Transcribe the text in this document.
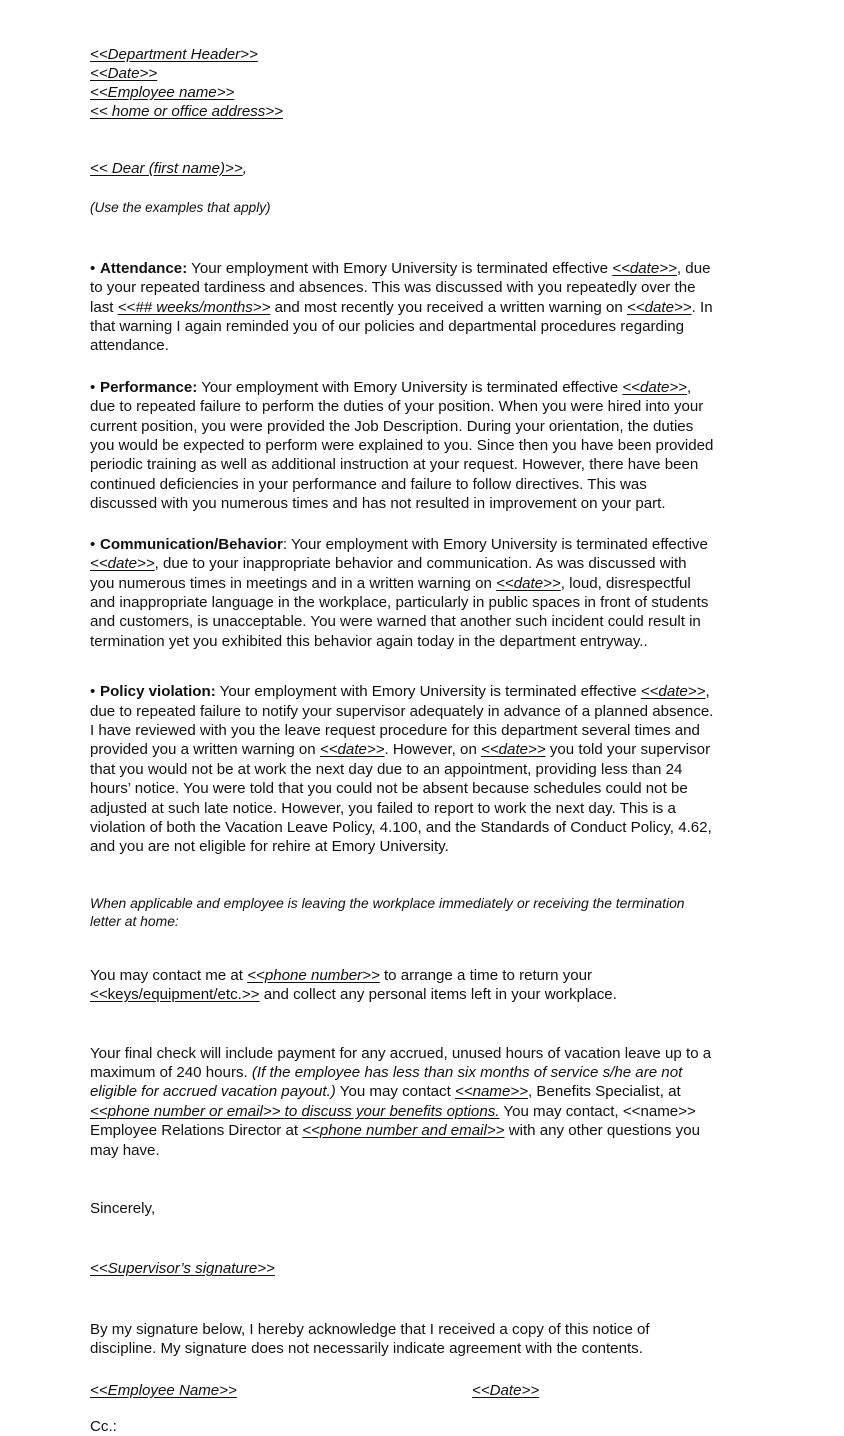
<<Department Header>>
<<Date>>
<<Employee name>>
<< home or office address>>

<< Dear (first name)>>,

(Use the examples that apply)

• Attendance: Your employment with Emory University is terminated effective <<date>>, due to your repeated tardiness and absences. This was discussed with you repeatedly over the last <<## weeks/months>> and most recently you received a written warning on <<date>>. In that warning I again reminded you of our policies and departmental procedures regarding attendance.

• Performance: Your employment with Emory University is terminated effective <<date>>, due to repeated failure to perform the duties of your position. When you were hired into your current position, you were provided the Job Description. During your orientation, the duties you would be expected to perform were explained to you. Since then you have been provided periodic training as well as additional instruction at your request. However, there have been continued deficiencies in your performance and failure to follow directives. This was discussed with you numerous times and has not resulted in improvement on your part.

• Communication/Behavior: Your employment with Emory University is terminated effective <<date>>, due to your inappropriate behavior and communication. As was discussed with you numerous times in meetings and in a written warning on <<date>>, loud, disrespectful and inappropriate language in the workplace, particularly in public spaces in front of students and customers, is unacceptable. You were warned that another such incident could result in termination yet you exhibited this behavior again today in the department entryway..

• Policy violation: Your employment with Emory University is terminated effective <<date>>, due to repeated failure to notify your supervisor adequately in advance of a planned absence. I have reviewed with you the leave request procedure for this department several times and provided you a written warning on <<date>>. However, on <<date>> you told your supervisor that you would not be at work the next day due to an appointment, providing less than 24 hours’ notice. You were told that you could not be absent because schedules could not be adjusted at such late notice. However, you failed to report to work the next day. This is a violation of both the Vacation Leave Policy, 4.100, and the Standards of Conduct Policy, 4.62, and you are not eligible for rehire at Emory University.

When applicable and employee is leaving the workplace immediately or receiving the termination letter at home:

You may contact me at <<phone number>> to arrange a time to return your <<keys/equipment/etc.>> and collect any personal items left in your workplace.

Your final check will include payment for any accrued, unused hours of vacation leave up to a maximum of 240 hours. (If the employee has less than six months of service s/he are not eligible for accrued vacation payout.) You may contact <<name>>, Benefits Specialist, at <<phone number or email>> to discuss your benefits options. You may contact, <<name>> Employee Relations Director at <<phone number and email>> with any other questions you may have.

Sincerely,

<<Supervisor’s signature>>

By my signature below, I hereby acknowledge that I received a copy of this notice of discipline. My signature does not necessarily indicate agreement with the contents.

<<Employee Name>>	<<Date>>

Cc.:
